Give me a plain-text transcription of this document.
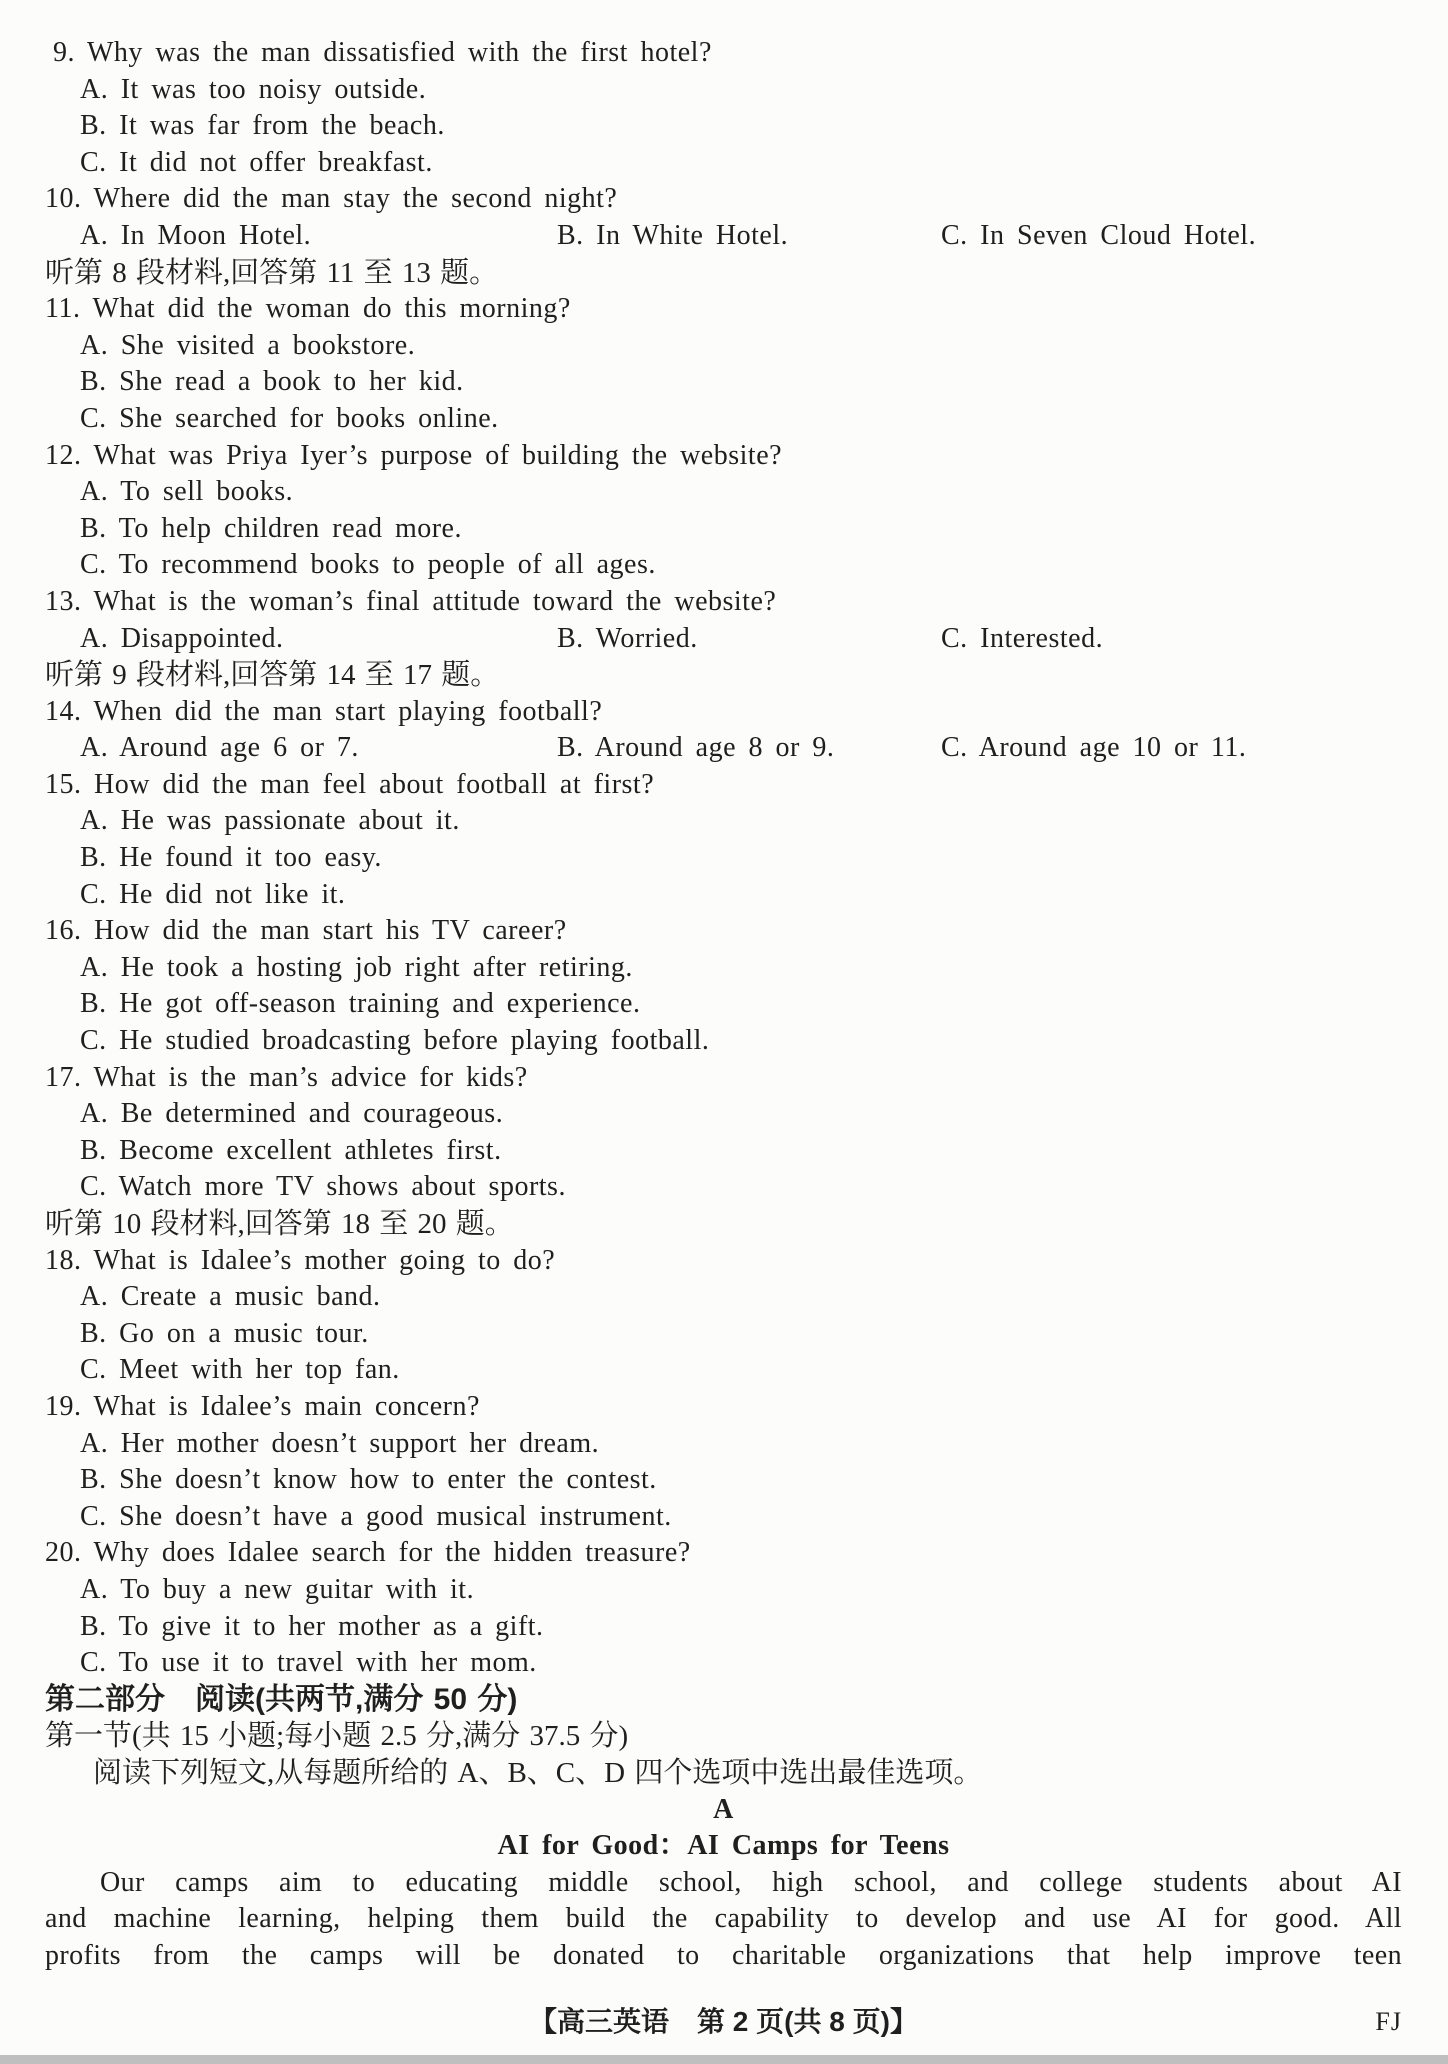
9. Why was the man dissatisfied with the first hotel?
A. It was too noisy outside.
B. It was far from the beach.
C. It did not offer breakfast.
10. Where did the man stay the second night?
A. In Moon Hotel.	B. In White Hotel.	C. In Seven Cloud Hotel.
听第 8 段材料,回答第 11 至 13 题。
11. What did the woman do this morning?
A. She visited a bookstore.
B. She read a book to her kid.
C. She searched for books online.
12. What was Priya Iyer’s purpose of building the website?
A. To sell books.
B. To help children read more.
C. To recommend books to people of all ages.
13. What is the woman’s final attitude toward the website?
A. Disappointed.	B. Worried.	C. Interested.
听第 9 段材料,回答第 14 至 17 题。
14. When did the man start playing football?
A. Around age 6 or 7.	B. Around age 8 or 9.	C. Around age 10 or 11.
15. How did the man feel about football at first?
A. He was passionate about it.
B. He found it too easy.
C. He did not like it.
16. How did the man start his TV career?
A. He took a hosting job right after retiring.
B. He got off-season training and experience.
C. He studied broadcasting before playing football.
17. What is the man’s advice for kids?
A. Be determined and courageous.
B. Become excellent athletes first.
C. Watch more TV shows about sports.
听第 10 段材料,回答第 18 至 20 题。
18. What is Idalee’s mother going to do?
A. Create a music band.
B. Go on a music tour.
C. Meet with her top fan.
19. What is Idalee’s main concern?
A. Her mother doesn’t support her dream.
B. She doesn’t know how to enter the contest.
C. She doesn’t have a good musical instrument.
20. Why does Idalee search for the hidden treasure?
A. To buy a new guitar with it.
B. To give it to her mother as a gift.
C. To use it to travel with her mom.
第二部分　阅读(共两节,满分 50 分)
第一节(共 15 小题;每小题 2.5 分,满分 37.5 分)
阅读下列短文,从每题所给的 A、B、C、D 四个选项中选出最佳选项。
A
AI for Good：AI Camps for Teens
Our camps aim to educating middle school, high school, and college students about AI
and machine learning, helping them build the capability to develop and use AI for good. All
profits from the camps will be donated to charitable organizations that help improve teen
【高三英语　第 2 页(共 8 页)】	FJ
